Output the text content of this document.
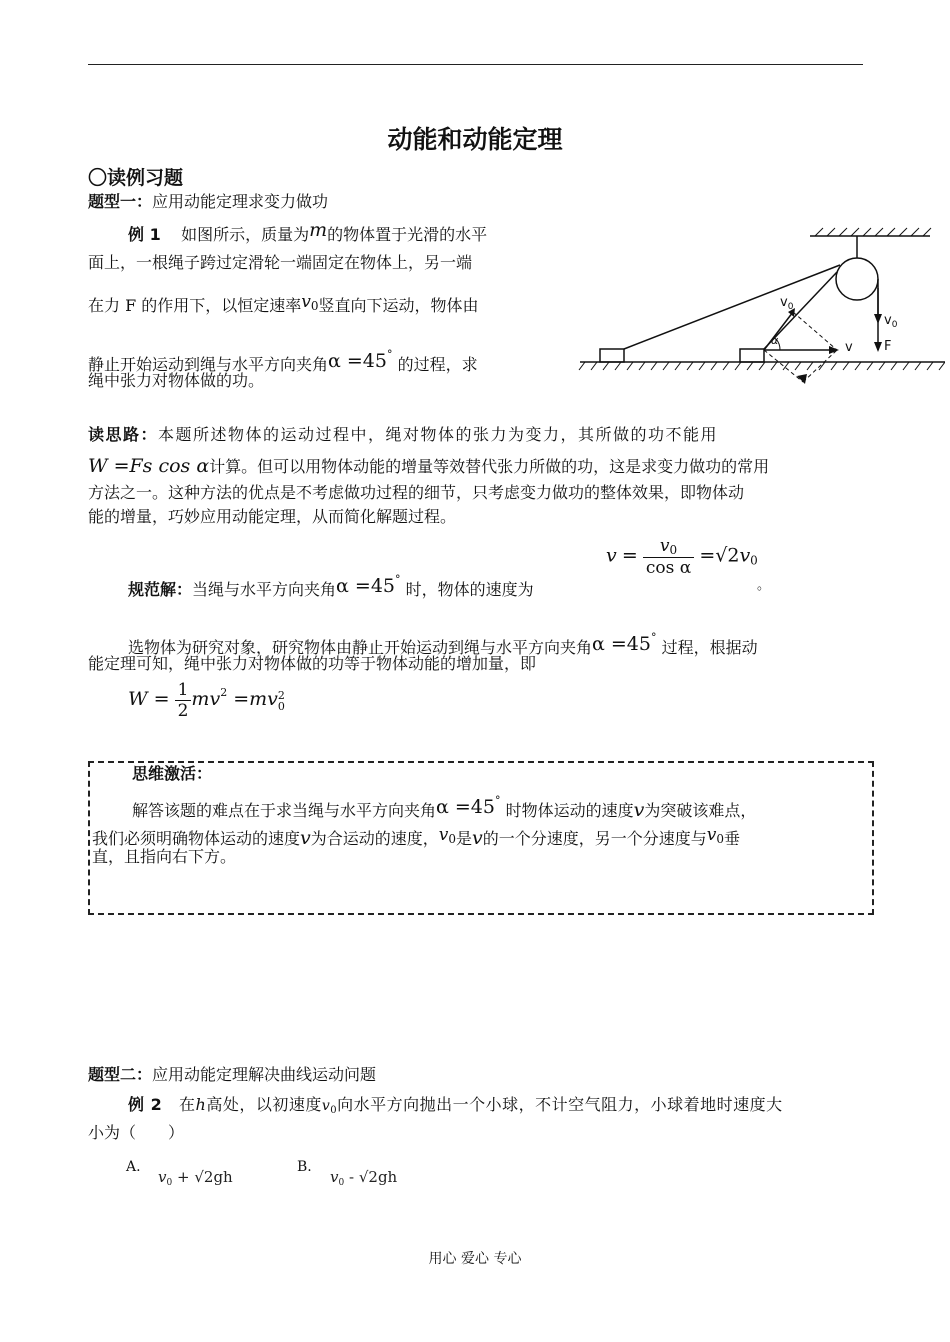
动能和动能定理
〇读例习题
题型一：应用动能定理求变力做功
例 1 如图所示，质量为m的物体置于光滑的水平
面上，一根绳子跨过定滑轮一端固定在物体上，另一端
在力 F 的作用下，以恒定速率$v_0$竖直向下运动，物体由
静止开始运动到绳与水平方向夹角α =45° 的过程，求
绳中张力对物体做的功。
$v_0$
$v_0$
F
v
α
读思路：本题所述物体的运动过程中，绳对物体的张力为变力，其所做的功不能用
W =Fs cos α计算。但可以用物体动能的增量等效替代张力所做的功，这是求变力做功的常用
方法之一。这种方法的优点是不考虑做功过程的细节，只考虑变力做功的整体效果，即物体动
能的增量，巧妙应用动能定理，从而简化解题过程。
规范解：当绳与水平方向夹角α =45° 时，物体的速度为
$v = \frac{v_0}{\text{cos α}} =√2v_0$
。
选物体为研究对象，研究物体由静止开始运动到绳与水平方向夹角α =45° 过程，根据动
能定理可知，绳中张力对物体做的功等于物体动能的增加量，即
$W = \frac{1}{2} mv^2 =mv$ 2
0
思维激活：
解答该题的难点在于求当绳与水平方向夹角α =45° 时物体运动的速度v为突破该难点，
我们必须明确物体运动的速度v为合运动的速度，$v_0$是v的一个分速度，另一个分速度与$v_0$垂
直，且指向右下方。
题型二：应用动能定理解决曲线运动问题
例 2 在h高处，以初速度$v_0$向水平方向抛出一个小球，不计空气阻力，小球着地时速度大
小为（　　）
A.
$v_0 + √2gh$
B.
$v_0 - √2gh$
用心 爱心 专心
